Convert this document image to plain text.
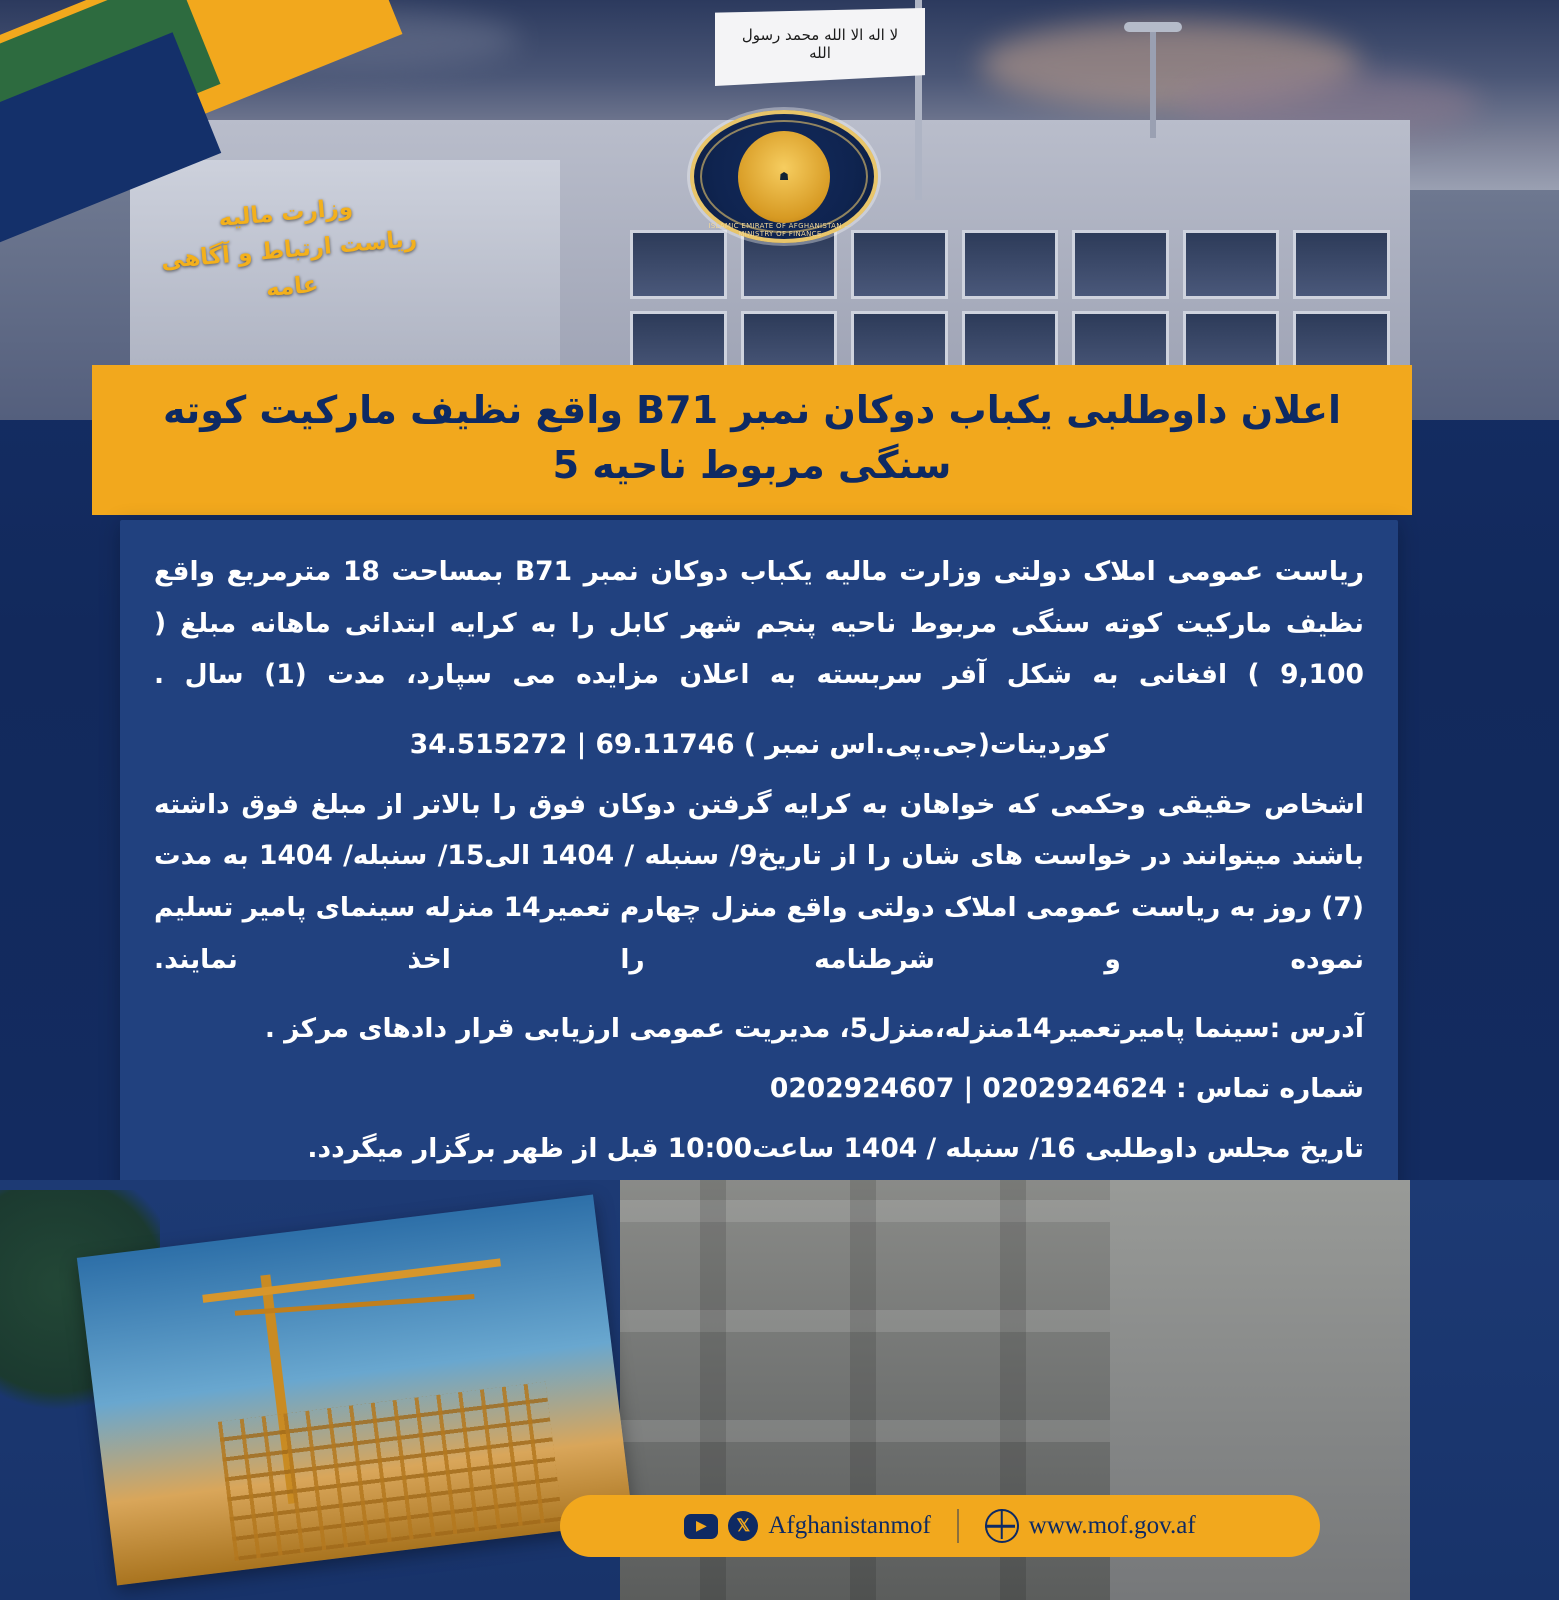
لا اله الا الله محمد رسول الله
☗
ISLAMIC EMIRATE OF AFGHANISTAN — MINISTRY OF FINANCE
وزارت مالیه
ریاست ارتباط و آگاهی عامه
اعلان داوطلبی یکباب دوکان نمبر B71 واقع نظیف مارکیت کوته سنگی مربوط ناحیه 5

ریاست عمومی املاک دولتی وزارت مالیه یکباب دوکان نمبر B71 بمساحت 18 مترمربع واقع نظیف مارکیت کوته سنگی مربوط ناحیه پنجم شهر کابل را به کرایه ابتدائی ماهانه مبلغ ( 9,100 ) افغانی به شکل آفر سربسته به اعلان مزایده می سپارد، مدت (1) سال .

کوردینات(جی.پی.اس نمبر ) 69.11746 | 34.515272

اشخاص حقیقی وحکمی که خواهان به کرایه گرفتن دوکان فوق را بالاتر از مبلغ فوق داشته باشند میتوانند در خواست های شان را از تاریخ9/ سنبله / 1404 الی15/ سنبله/ 1404 به مدت (7) روز به ریاست عمومی املاک دولتی واقع منزل چهارم تعمیر14 منزله سینمای پامیر تسلیم نموده و شرطنامه را اخذ نمایند.

آدرس :سینما پامیرتعمیر14منزله،منزل5، مدیریت عمومی ارزیابی قرار دادهای مرکز .

شماره تماس : 0202924624 | 0202924607

تاریخ مجلس داوطلبی 16/ سنبله / 1404 ساعت10:00 قبل از ظهر برگزار میگردد.

▶	𝕏 Afghanistanmof	www.mof.gov.af
